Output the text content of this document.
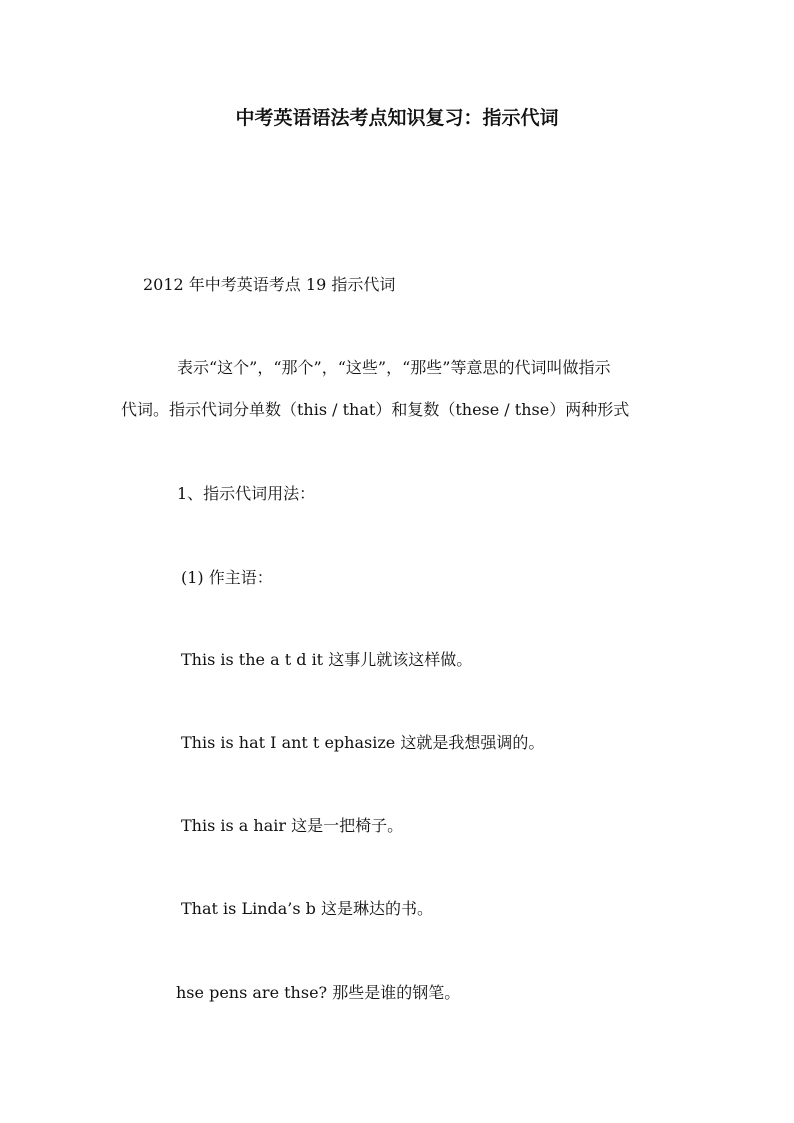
中考英语语法考点知识复习：指示代词
2012 年中考英语考点 19 指示代词
表示“这个”，“那个”，“这些”，“那些”等意思的代词叫做指示
代词。指示代词分单数（this / that）和复数（these / thse）两种形式
1、指示代词用法：
(1) 作主语：
This is the a t d it 这事儿就该这样做。
This is hat I ant t ephasize 这就是我想强调的。
This is a hair 这是一把椅子。
That is Linda’s b 这是琳达的书。
hse pens are thse? 那些是谁的钢笔。
